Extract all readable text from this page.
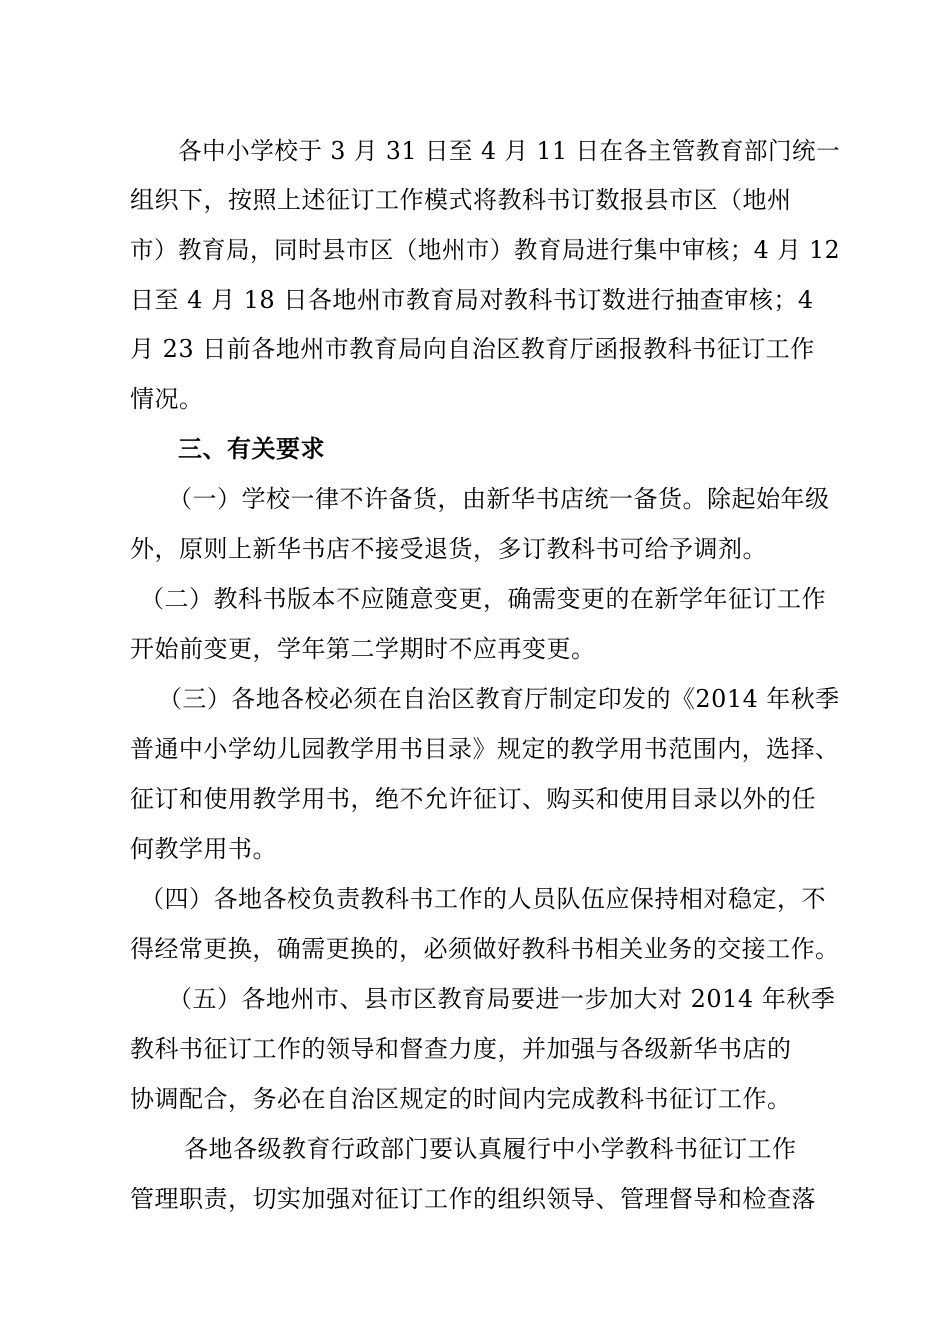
各中小学校于 3 月 31 日至 4 月 11 日在各主管教育部门统一
组织下，按照上述征订工作模式将教科书订数报县市区（地州
市）教育局，同时县市区（地州市）教育局进行集中审核；4 月 12
日至 4 月 18 日各地州市教育局对教科书订数进行抽查审核；4
月 23 日前各地州市教育局向自治区教育厅函报教科书征订工作
情况。
三、有关要求
（一）学校一律不许备货，由新华书店统一备货。除起始年级
外，原则上新华书店不接受退货，多订教科书可给予调剂。
（二）教科书版本不应随意变更，确需变更的在新学年征订工作
开始前变更，学年第二学期时不应再变更。
（三）各地各校必须在自治区教育厅制定印发的《2014 年秋季
普通中小学幼儿园教学用书目录》规定的教学用书范围内，选择、
征订和使用教学用书，绝不允许征订、购买和使用目录以外的任
何教学用书。
（四）各地各校负责教科书工作的人员队伍应保持相对稳定，不
得经常更换，确需更换的，必须做好教科书相关业务的交接工作。
（五）各地州市、县市区教育局要进一步加大对 2014 年秋季
教科书征订工作的领导和督查力度，并加强与各级新华书店的
协调配合，务必在自治区规定的时间内完成教科书征订工作。
各地各级教育行政部门要认真履行中小学教科书征订工作
管理职责，切实加强对征订工作的组织领导、管理督导和检查落
